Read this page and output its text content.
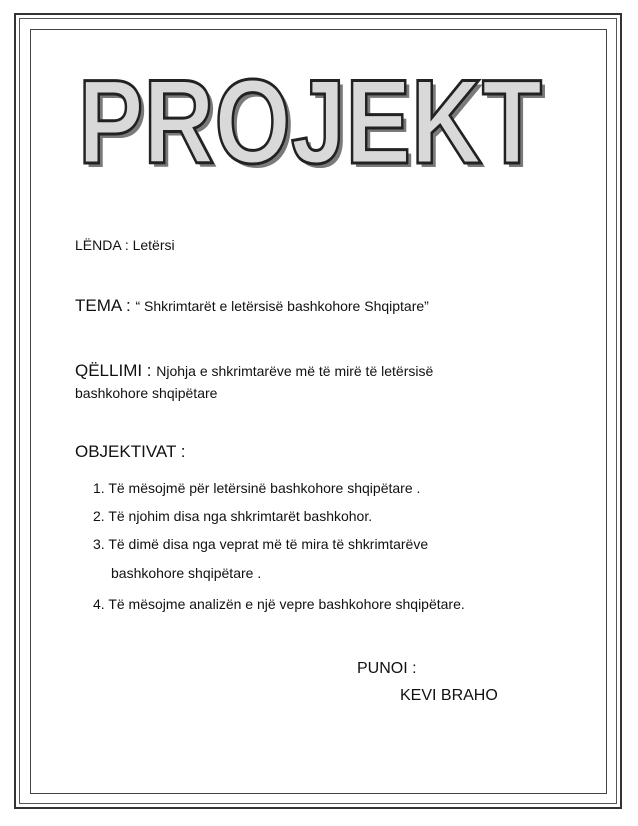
PROJEKT
PROJEKT
LËNDA : Letërsi
TEMA : “ Shkrimtarët e letërsisë bashkohore Shqiptare”
QËLLIMI : Njohja e shkrimtarëve më të mirë të letërsisë
bashkohore shqipëtare
OBJEKTIVAT :
1. Të mësojmë për letërsinë bashkohore shqipëtare .
2. Të njohim disa nga shkrimtarët bashkohor.
3. Të dimë disa nga veprat më të mira të shkrimtarëve
bashkohore shqipëtare .
4. Të mësojme analizën e një vepre bashkohore shqipëtare.
PUNOI :
KEVI BRAHO
